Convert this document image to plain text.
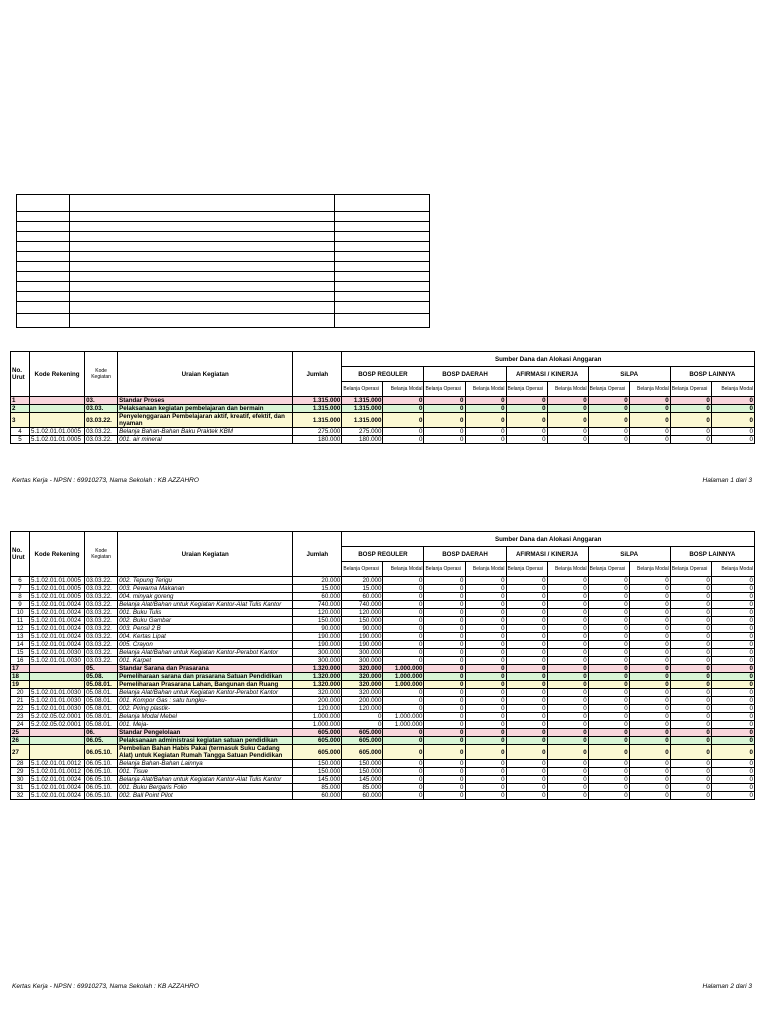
No. Urut	Kode Rekening	Kode Kegiatan	Uraian Kegiatan	Jumlah	Sumber Dana dan Alokasi Anggaran									
					BOSP REGULER		BOSP DAERAH		AFIRMASI / KINERJA		SiLPA		BOSP LAINNYA	
					Belanja Operasi	Belanja Modal	Belanja Operasi	Belanja Modal	Belanja Operasi	Belanja Modal	Belanja Operasi	Belanja Modal	Belanja Operasi	Belanja Modal
1		03.	Standar Proses	1.315.000	1.315.000	0	0	0	0	0	0	0	0	0
2		03.03.	Pelaksanaan kegiatan pembelajaran dan bermain	1.315.000	1.315.000	0	0	0	0	0	0	0	0	0
3		03.03.22.	Penyelenggaraan Pembelajaran aktif, kreatif, efektif, dan nyaman	1.315.000	1.315.000	0	0	0	0	0	0	0	0	0
4	5.1.02.01.01.0005	03.03.22.	Belanja Bahan-Bahan Baku Praktek KBM	275.000	275.000	0	0	0	0	0	0	0	0	0
5	5.1.02.01.01.0005	03.03.22.	001. air mineral	180.000	180.000	0	0	0	0	0	0	0	0	0
Kertas Kerja - NPSN : 69910273, Nama Sekolah : KB AZZAHRO	Halaman 1 dari 3
No. Urut	Kode Rekening	Kode Kegiatan	Uraian Kegiatan	Jumlah	Sumber Dana dan Alokasi Anggaran									
					BOSP REGULER		BOSP DAERAH		AFIRMASI / KINERJA		SiLPA		BOSP LAINNYA	
					Belanja Operasi	Belanja Modal	Belanja Operasi	Belanja Modal	Belanja Operasi	Belanja Modal	Belanja Operasi	Belanja Modal	Belanja Operasi	Belanja Modal
6	5.1.02.01.01.0005	03.03.22.	002. Tepung Terigu	20.000	20.000	0	0	0	0	0	0	0	0	0
7	5.1.02.01.01.0005	03.03.22.	003. Pewarna Makanan	15.000	15.000	0	0	0	0	0	0	0	0	0
8	5.1.02.01.01.0005	03.03.22.	004. minyak goreng	60.000	60.000	0	0	0	0	0	0	0	0	0
9	5.1.02.01.01.0024	03.03.22.	Belanja Alat/Bahan untuk Kegiatan Kantor-Alat Tulis Kantor	740.000	740.000	0	0	0	0	0	0	0	0	0
10	5.1.02.01.01.0024	03.03.22.	001. Buku Tulis	120.000	120.000	0	0	0	0	0	0	0	0	0
11	5.1.02.01.01.0024	03.03.22.	002. Buku Gambar	150.000	150.000	0	0	0	0	0	0	0	0	0
12	5.1.02.01.01.0024	03.03.22.	003. Pensil 2 B	90.000	90.000	0	0	0	0	0	0	0	0	0
13	5.1.02.01.01.0024	03.03.22.	004. Kertas Lipat	190.000	190.000	0	0	0	0	0	0	0	0	0
14	5.1.02.01.01.0024	03.03.22.	005. Crayon	190.000	190.000	0	0	0	0	0	0	0	0	0
15	5.1.02.01.01.0030	03.03.22.	Belanja Alat/Bahan untuk Kegiatan Kantor-Perabot Kantor	300.000	300.000	0	0	0	0	0	0	0	0	0
16	5.1.02.01.01.0030	03.03.22.	001. Karpet	300.000	300.000	0	0	0	0	0	0	0	0	0
17		05.	Standar Sarana dan Prasarana	1.320.000	320.000	1.000.000	0	0	0	0	0	0	0	0
18		05.08.	Pemeliharaan sarana dan prasarana Satuan Pendidikan	1.320.000	320.000	1.000.000	0	0	0	0	0	0	0	0
19		05.08.01.	Pemeliharaan Prasarana Lahan, Bangunan dan Ruang	1.320.000	320.000	1.000.000	0	0	0	0	0	0	0	0
20	5.1.02.01.01.0030	05.08.01.	Belanja Alat/Bahan untuk Kegiatan Kantor-Perabot Kantor	320.000	320.000	0	0	0	0	0	0	0	0	0
21	5.1.02.01.01.0030	05.08.01.	001. Kompor Gas : satu tungku-	200.000	200.000	0	0	0	0	0	0	0	0	0
22	5.1.02.01.01.0030	05.08.01.	002. Piring plastik-	120.000	120.000	0	0	0	0	0	0	0	0	0
23	5.2.02.05.02.0001	05.08.01.	Belanja Modal Mebel	1.000.000	0	1.000.000	0	0	0	0	0	0	0	0
24	5.2.02.05.02.0001	05.08.01.	001. Meja-	1.000.000	0	1.000.000	0	0	0	0	0	0	0	0
25		06.	Standar Pengelolaan	605.000	605.000	0	0	0	0	0	0	0	0	0
26		06.05.	Pelaksanaan administrasi kegiatan satuan pendidikan	605.000	605.000	0	0	0	0	0	0	0	0	0
27		06.05.10.	Pembelian Bahan Habis Pakai (termasuk Suku Cadang Alat) untuk Kegiatan Rumah Tangga Satuan Pendidikan	605.000	605.000	0	0	0	0	0	0	0	0	0
28	5.1.02.01.01.0012	06.05.10.	Belanja Bahan-Bahan Lainnya	150.000	150.000	0	0	0	0	0	0	0	0	0
29	5.1.02.01.01.0012	06.05.10.	001. Tisue	150.000	150.000	0	0	0	0	0	0	0	0	0
30	5.1.02.01.01.0024	06.05.10.	Belanja Alat/Bahan untuk Kegiatan Kantor-Alat Tulis Kantor	145.000	145.000	0	0	0	0	0	0	0	0	0
31	5.1.02.01.01.0024	06.05.10.	001. Buku Bergaris Folio	85.000	85.000	0	0	0	0	0	0	0	0	0
32	5.1.02.01.01.0024	06.05.10.	002. Ball Point Pilot	60.000	60.000	0	0	0	0	0	0	0	0	0
Kertas Kerja - NPSN : 69910273, Nama Sekolah : KB AZZAHRO	Halaman 2 dari 3
